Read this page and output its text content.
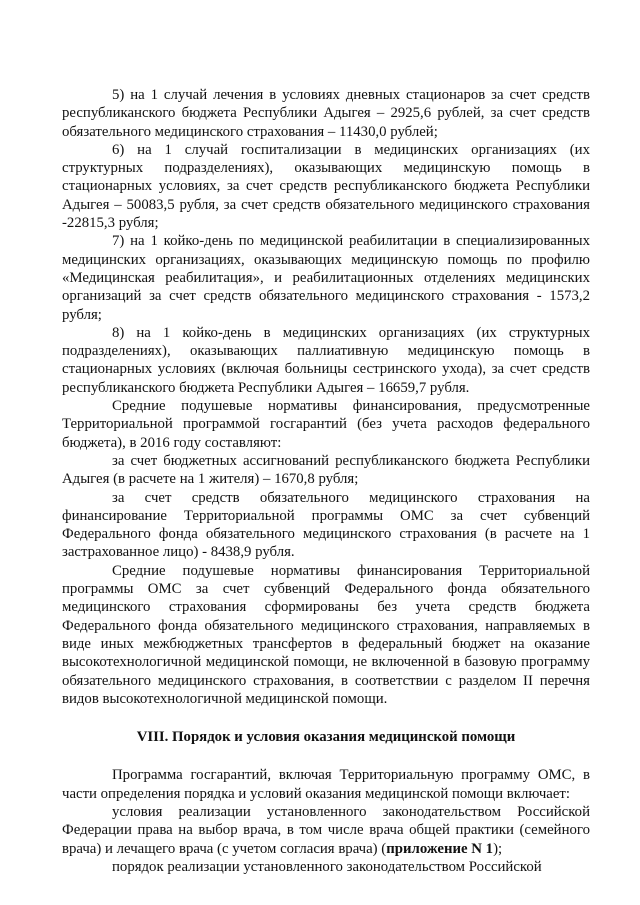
5) на 1 случай лечения в условиях дневных стационаров за счет средств республиканского бюджета Республики Адыгея – 2925,6 рублей, за счет средств обязательного медицинского страхования – 11430,0 рублей;

6) на 1 случай госпитализации в медицинских организациях (их структурных подразделениях), оказывающих медицинскую помощь в стационарных условиях, за счет средств республиканского бюджета Республики Адыгея – 50083,5 рубля, за счет средств обязательного медицинского страхования -22815,3 рубля;

7) на 1 койко-день по медицинской реабилитации в специализированных медицинских организациях, оказывающих медицинскую помощь по профилю «Медицинская реабилитация», и реабилитационных отделениях медицинских организаций за счет средств обязательного медицинского страхования - 1573,2 рубля;

8) на 1 койко-день в медицинских организациях (их структурных подразделениях), оказывающих паллиативную медицинскую помощь в стационарных условиях (включая больницы сестринского ухода), за счет средств республиканского бюджета Республики Адыгея – 16659,7 рубля.

Средние подушевые нормативы финансирования, предусмотренные Территориальной программой госгарантий (без учета расходов федерального бюджета), в 2016 году составляют:

за счет бюджетных ассигнований республиканского бюджета Республики Адыгея (в расчете на 1 жителя) – 1670,8 рубля;

за счет средств обязательного медицинского страхования на финансирование Территориальной программы ОМС за счет субвенций Федерального фонда обязательного медицинского страхования (в расчете на 1 застрахованное лицо) - 8438,9 рубля.

Средние подушевые нормативы финансирования Территориальной программы ОМС за счет субвенций Федерального фонда обязательного медицинского страхования сформированы без учета средств бюджета Федерального фонда обязательного медицинского страхования, направляемых в виде иных межбюджетных трансфертов в федеральный бюджет на оказание высокотехнологичной медицинской помощи, не включенной в базовую программу обязательного медицинского страхования, в соответствии с разделом II перечня видов высокотехнологичной медицинской помощи.

VIII. Порядок и условия оказания медицинской помощи

Программа госгарантий, включая Территориальную программу ОМС, в части определения порядка и условий оказания медицинской помощи включает:

условия реализации установленного законодательством Российской Федерации права на выбор врача, в том числе врача общей практики (семейного врача) и лечащего врача (с учетом согласия врача) (приложение N 1);

порядок реализации установленного законодательством Российской
